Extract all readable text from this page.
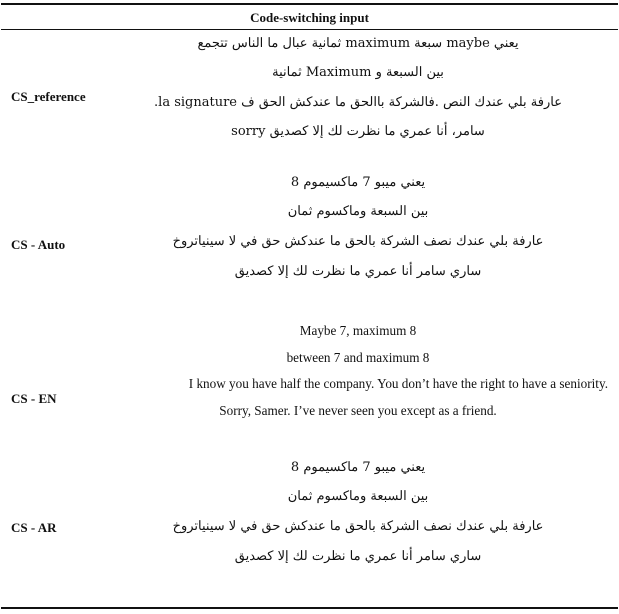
Code-switching input
CS_reference
يعني maybe سبعة maximum ثمانية عبال ما الناس تتجمع
بين السبعة و Maximum ثمانية
عارفة بلي عندك النص .فالشركة باالحق ما عندكش الحق ف la signature.
sorry سامر، أنا عمري ما نظرت لك إلا كصديق
CS - Auto
يعني ميبو 7 ماكسيموم 8
بين السبعة وماكسوم ثمان
عارفة بلي عندك نصف الشركة بالحق ما عندكش حق في لا سينياتروخ
ساري سامر أنا عمري ما نظرت لك إلا كصديق
CS - EN
Maybe 7, maximum 8
between 7 and maximum 8
I know you have half the company. You don’t have the right to have a seniority.
Sorry, Samer. I’ve never seen you except as a friend.
CS - AR
يعني ميبو 7 ماكسيموم 8
بين السبعة وماكسوم ثمان
عارفة بلي عندك نصف الشركة بالحق ما عندكش حق في لا سينياتروخ
ساري سامر أنا عمري ما نظرت لك إلا كصديق
